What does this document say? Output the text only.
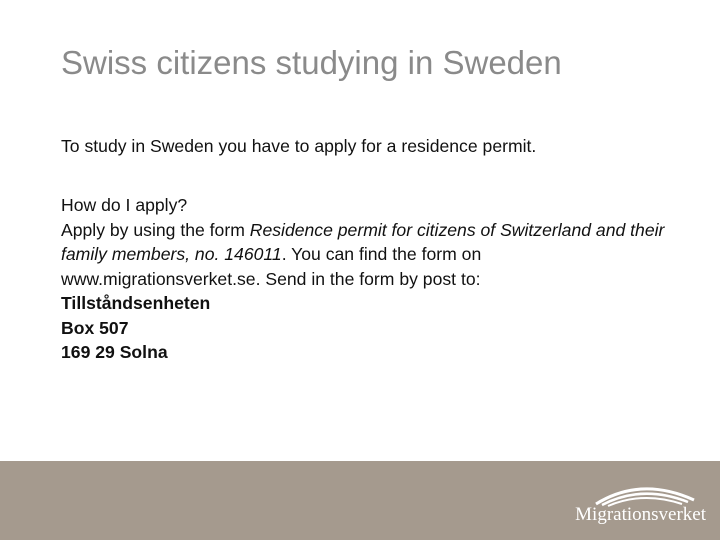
Swiss citizens studying in Sweden
To study in Sweden you have to apply for a residence permit.

How do I apply?

Apply by using the form Residence permit for citizens of Switzerland and their family members, no. 146011. You can find the form on www.migrationsverket.se. Send in the form by post to:

Tillståndsenheten

Box 507

169 29 Solna

Migrationsverket
